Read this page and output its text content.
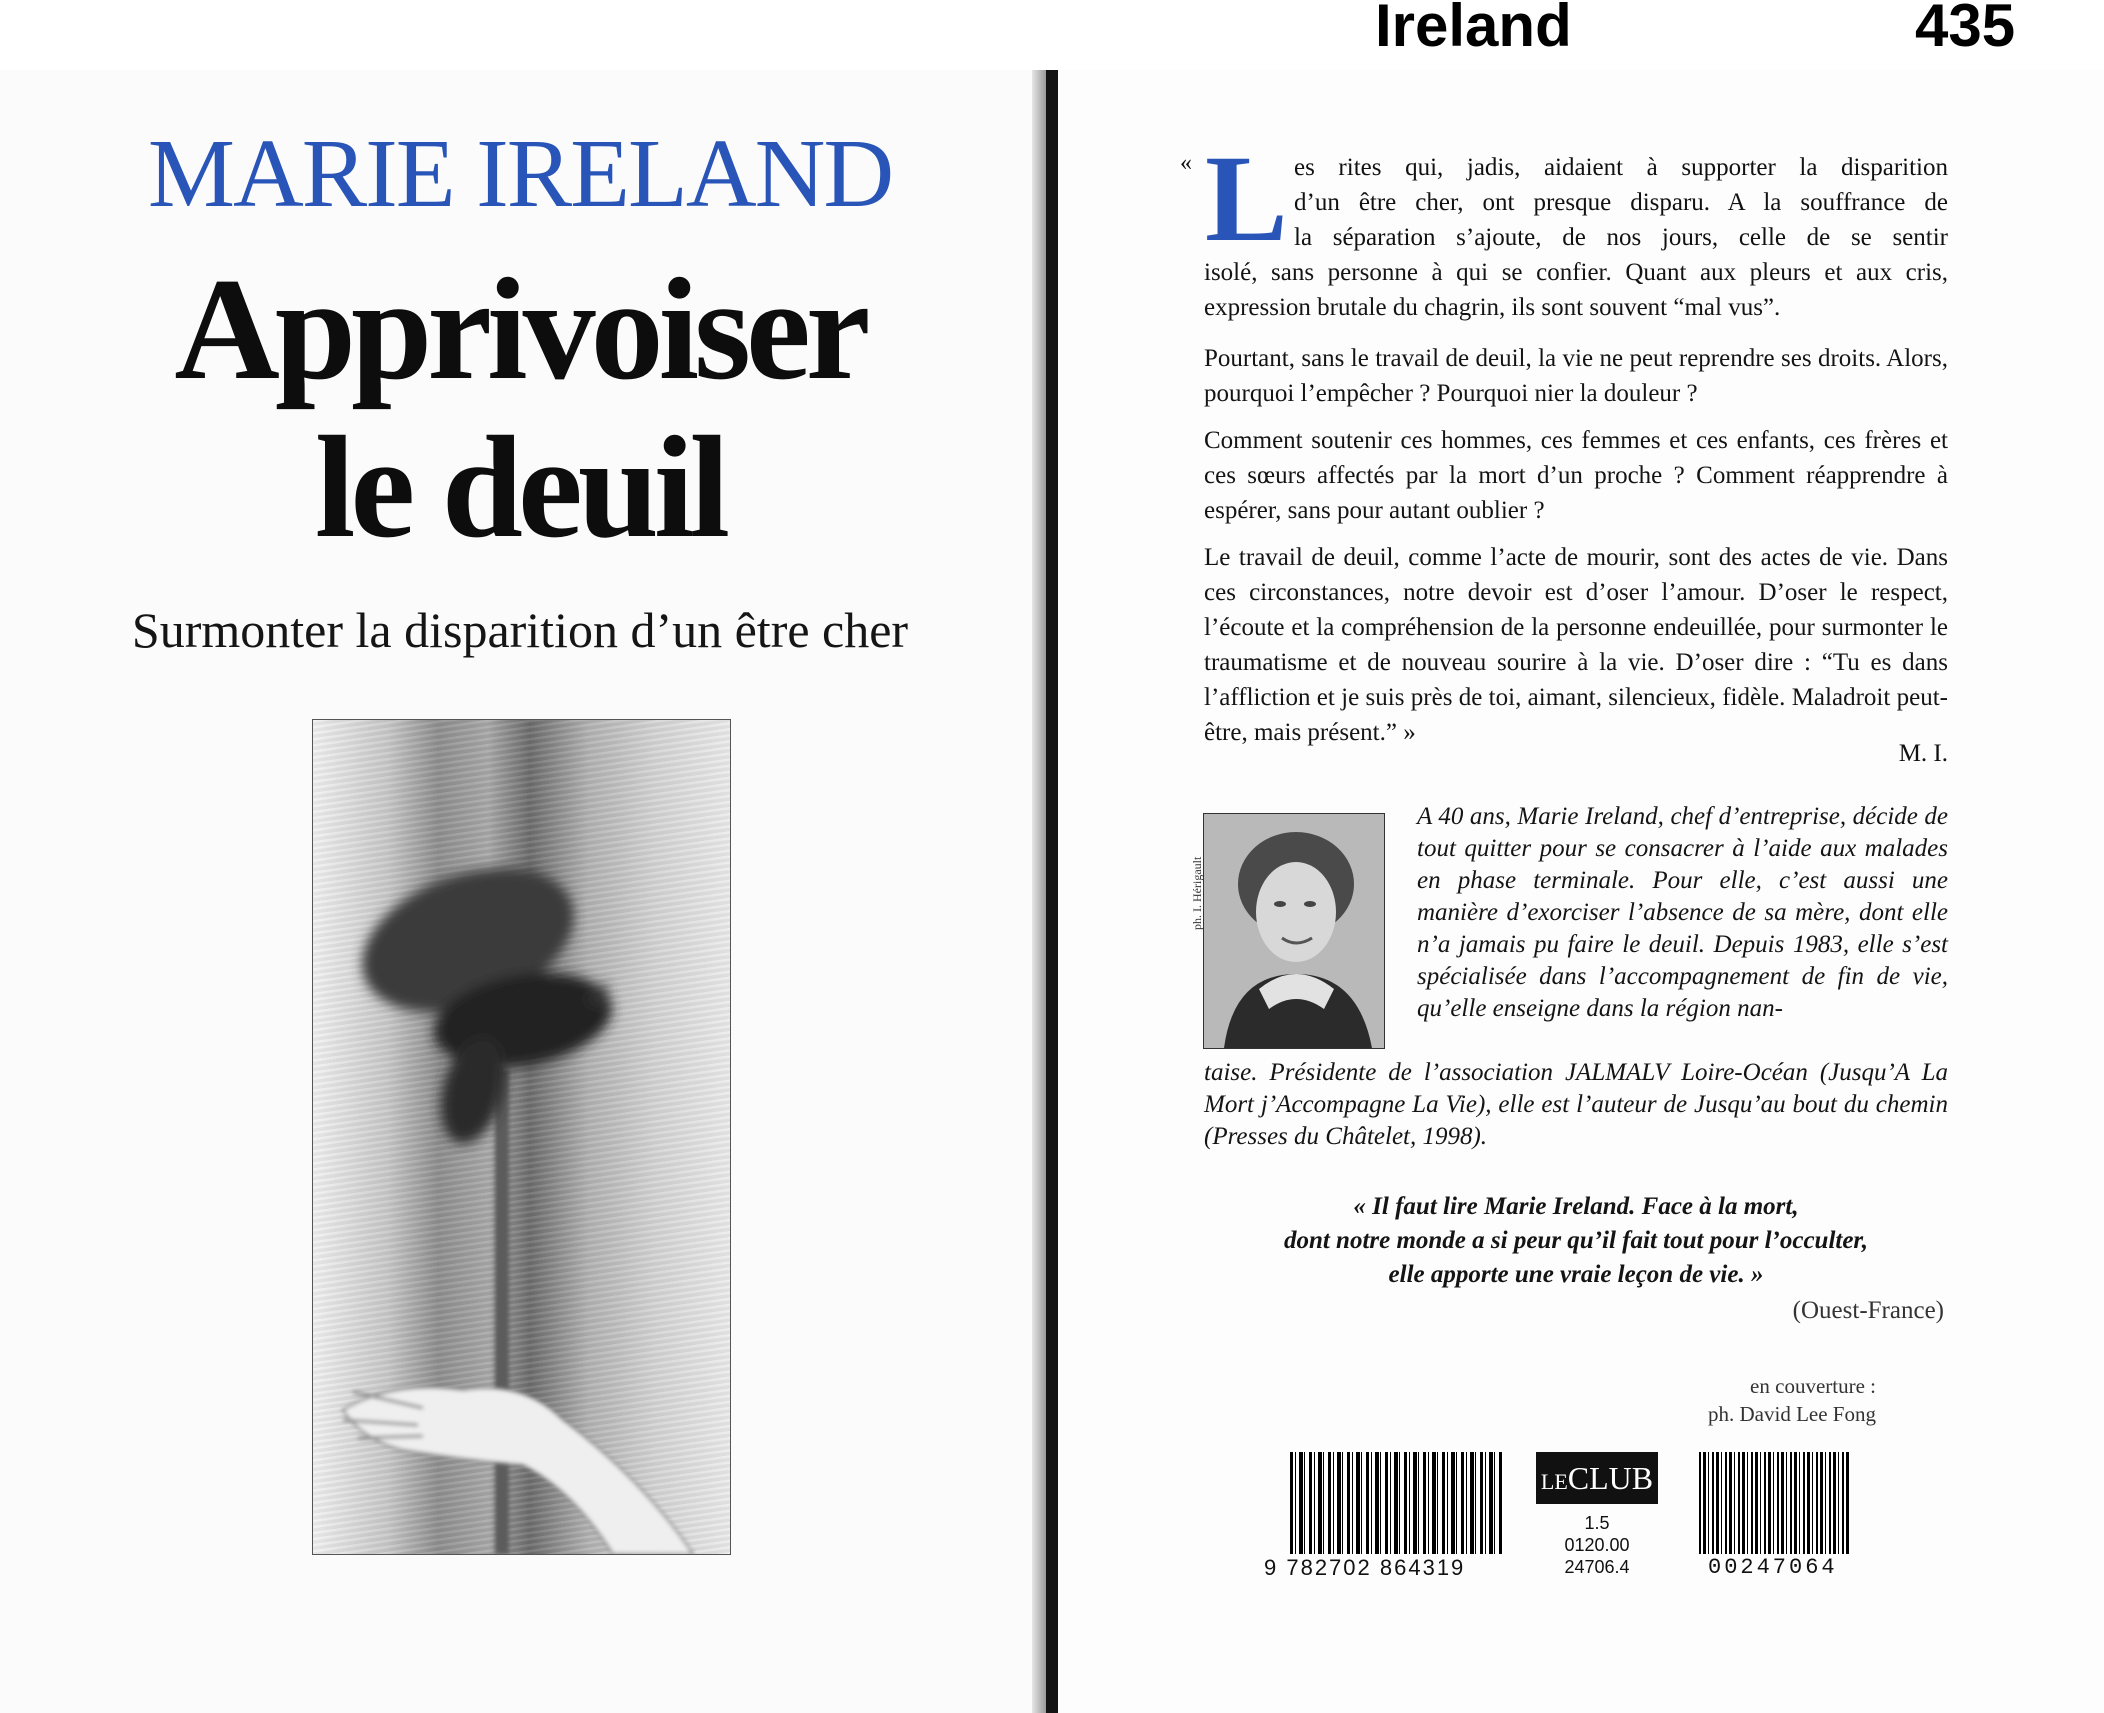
Ireland	435
MARIE IRELAND
Apprivoiser
le deuil
Surmonter la disparition d’un être cher
« L es rites qui, jadis, aidaient à supporter la disparition
d’un être cher, ont presque disparu. A la souffrance de
la séparation s’ajoute, de nos jours, celle de se sentir
isolé, sans personne à qui se confier. Quant aux pleurs et aux cris, expression brutale du chagrin, ils sont souvent “mal vus”.
Pourtant, sans le travail de deuil, la vie ne peut reprendre ses droits. Alors, pourquoi l’empêcher ? Pourquoi nier la douleur ?
Comment soutenir ces hommes, ces femmes et ces enfants, ces frères et ces sœurs affectés par la mort d’un proche ? Comment réapprendre à espérer, sans pour autant oublier ?
Le travail de deuil, comme l’acte de mourir, sont des actes de vie. Dans ces circonstances, notre devoir est d’oser l’amour. D’oser le respect, l’écoute et la compréhension de la personne endeuillée, pour surmonter le traumatisme et de nouveau sourire à la vie. D’oser dire : “Tu es dans l’affliction et je suis près de toi, aimant, silencieux, fidèle. Maladroit peut-être, mais présent.” »
M. I.
ph. I. Hérigault
A 40 ans, Marie Ireland, chef d’entreprise, décide de tout quitter pour se consacrer à l’aide aux malades en phase terminale. Pour elle, c’est aussi une manière d’exorciser l’absence de sa mère, dont elle n’a jamais pu faire le deuil. Depuis 1983, elle s’est spécialisée dans l’accompagnement de fin de vie, qu’elle enseigne dans la région nan-
taise. Présidente de l’association JALMALV Loire-Océan (Jusqu’A La Mort j’Accompagne La Vie), elle est l’auteur de Jusqu’au bout du chemin (Presses du Châtelet, 1998).
« Il faut lire Marie Ireland. Face à la mort,
dont notre monde a si peur qu’il fait tout pour l’occulter,
elle apporte une vraie leçon de vie. »
(Ouest-France)
en couverture :
ph. David Lee Fong
9 782702 864319
LECLUB
1.5
0120.00
24706.4	00247064
